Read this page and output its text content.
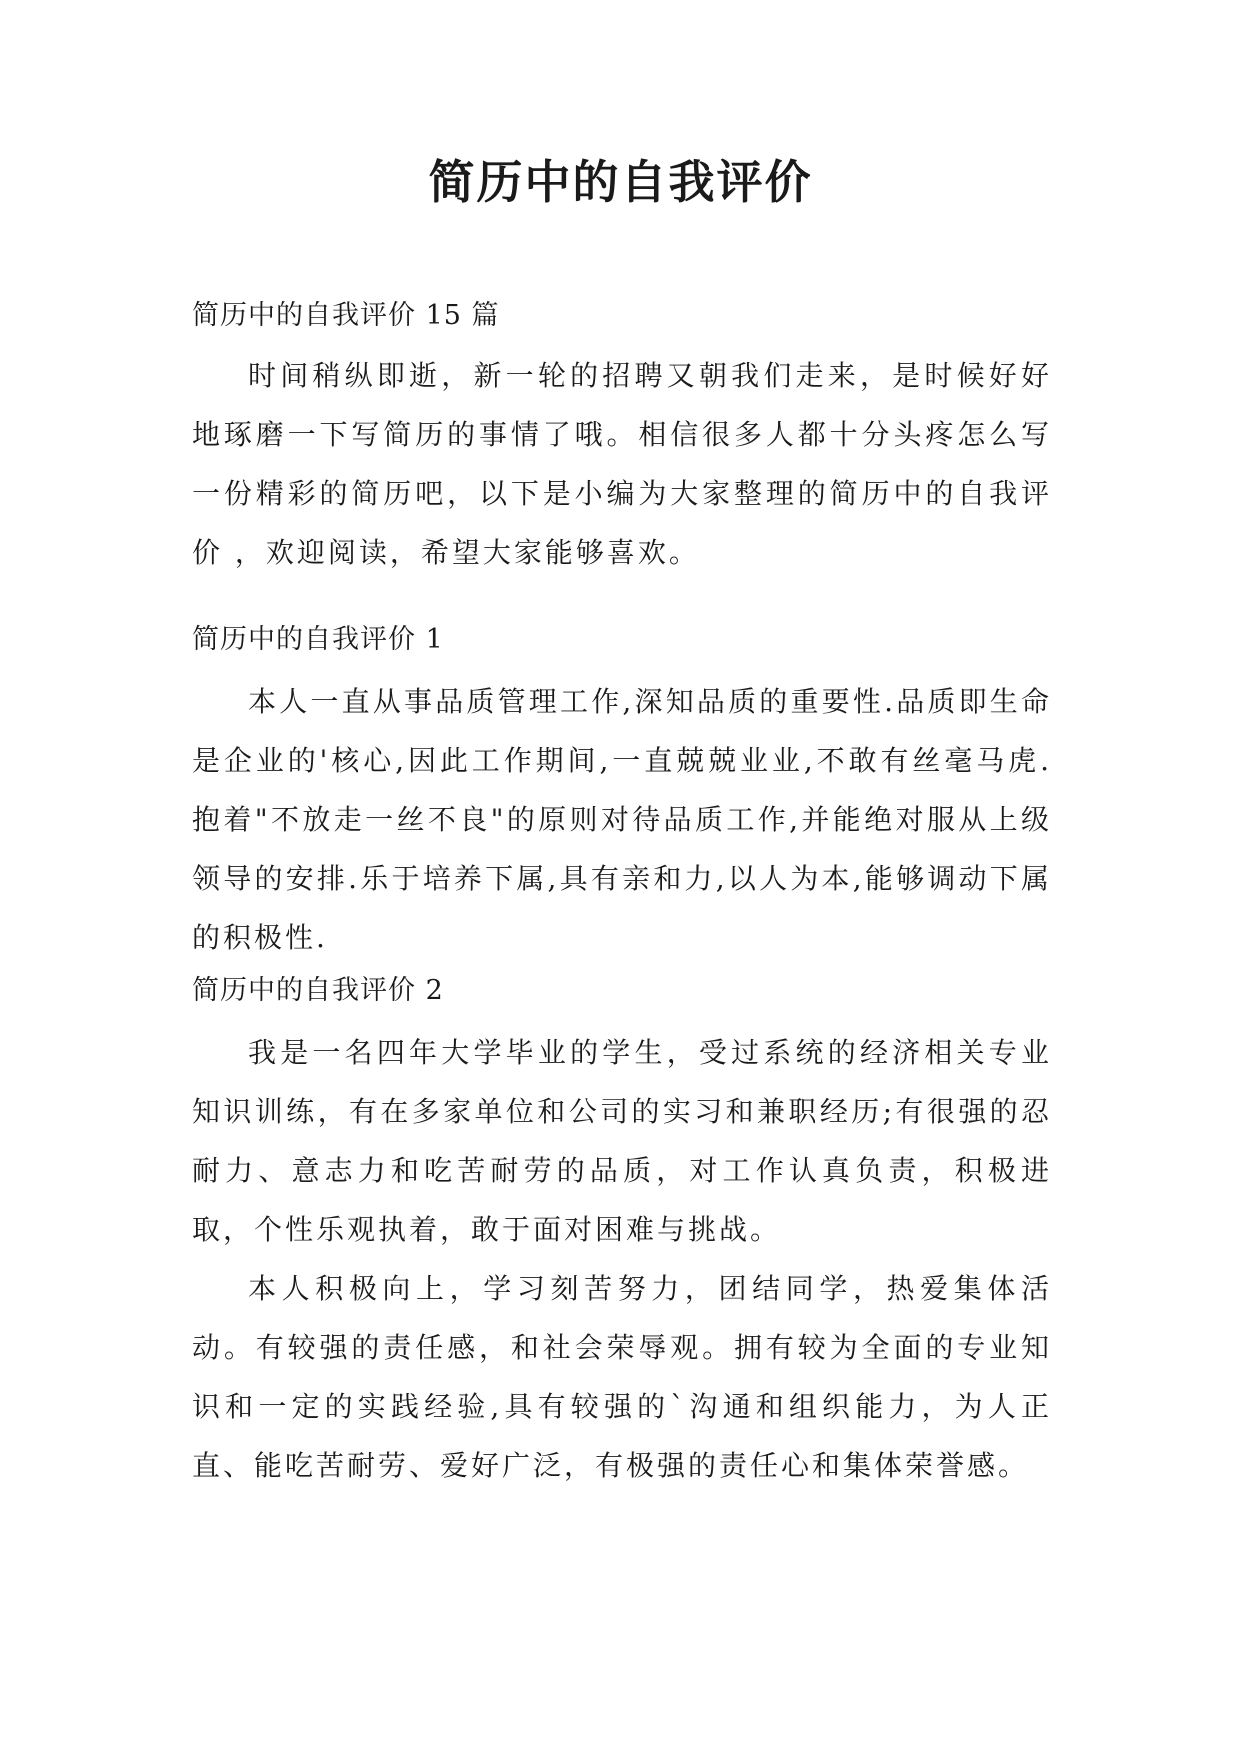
简历中的自我评价

简历中的自我评价 15 篇

时间稍纵即逝，新一轮的招聘又朝我们走来，是时候好好地琢磨一下写简历的事情了哦。相信很多人都十分头疼怎么写一份精彩的简历吧，以下是小编为大家整理的简历中的自我评价 ，欢迎阅读，希望大家能够喜欢。

简历中的自我评价 1

本人一直从事品质管理工作,深知品质的重要性.品质即生命是企业的'核心,因此工作期间,一直兢兢业业,不敢有丝毫马虎.抱着"不放走一丝不良"的原则对待品质工作,并能绝对服从上级领导的安排.乐于培养下属,具有亲和力,以人为本,能够调动下属的积极性.

简历中的自我评价 2

我是一名四年大学毕业的学生，受过系统的经济相关专业知识训练，有在多家单位和公司的实习和兼职经历;有很强的忍耐力、意志力和吃苦耐劳的品质，对工作认真负责，积极进取，个性乐观执着，敢于面对困难与挑战。

本人积极向上，学习刻苦努力，团结同学，热爱集体活动。有较强的责任感，和社会荣辱观。拥有较为全面的专业知识和一定的实践经验,具有较强的`沟通和组织能力，为人正直、能吃苦耐劳、爱好广泛，有极强的责任心和集体荣誉感。
